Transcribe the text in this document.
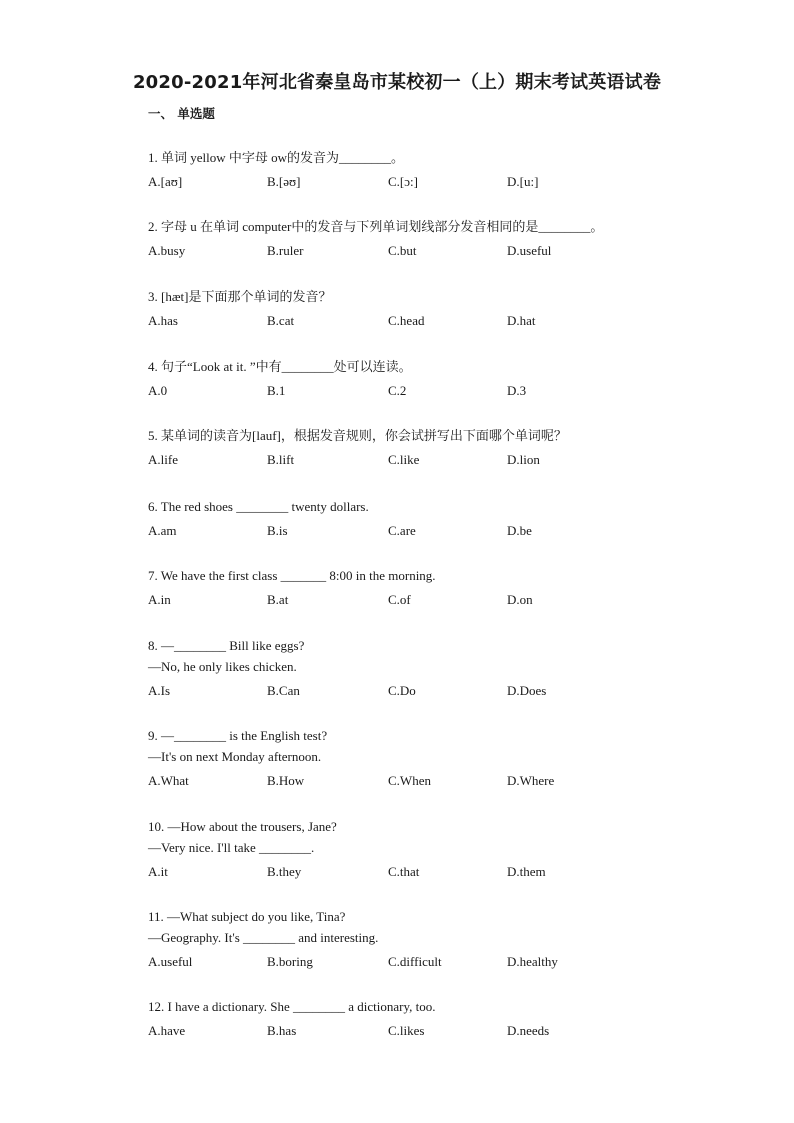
2020-2021年河北省秦皇岛市某校初一（上）期末考试英语试卷
一、 单选题
1. 单词 yellow 中字母 ow的发音为________。
A.[aʊ]	B.[əʊ]	C.[ɔ:]	D.[u:]
2. 字母 u 在单词 computer中的发音与下列单词划线部分发音相同的是________。
A.busy	B.ruler	C.but	D.useful
3. [hæt]是下面那个单词的发音？
A.has	B.cat	C.head	D.hat
4. 句子“Look at it. ”中有________处可以连读。
A.0	B.1	C.2	D.3
5. 某单词的读音为[lauf]，根据发音规则，你会试拼写出下面哪个单词呢？
A.life	B.lift	C.like	D.lion
6. The red shoes ________ twenty dollars.
A.am	B.is	C.are	D.be
7. We have the first class _______ 8:00 in the morning.
A.in	B.at	C.of	D.on
8. —________ Bill like eggs?
—No, he only likes chicken.
A.Is	B.Can	C.Do	D.Does
9. —________ is the English test?
—It's on next Monday afternoon.
A.What	B.How	C.When	D.Where
10. —How about the trousers, Jane?
—Very nice. I'll take ________.
A.it	B.they	C.that	D.them
11. —What subject do you like, Tina?
—Geography. It's ________ and interesting.
A.useful	B.boring	C.difficult	D.healthy
12. I have a dictionary. She ________ a dictionary, too.
A.have	B.has	C.likes	D.needs
